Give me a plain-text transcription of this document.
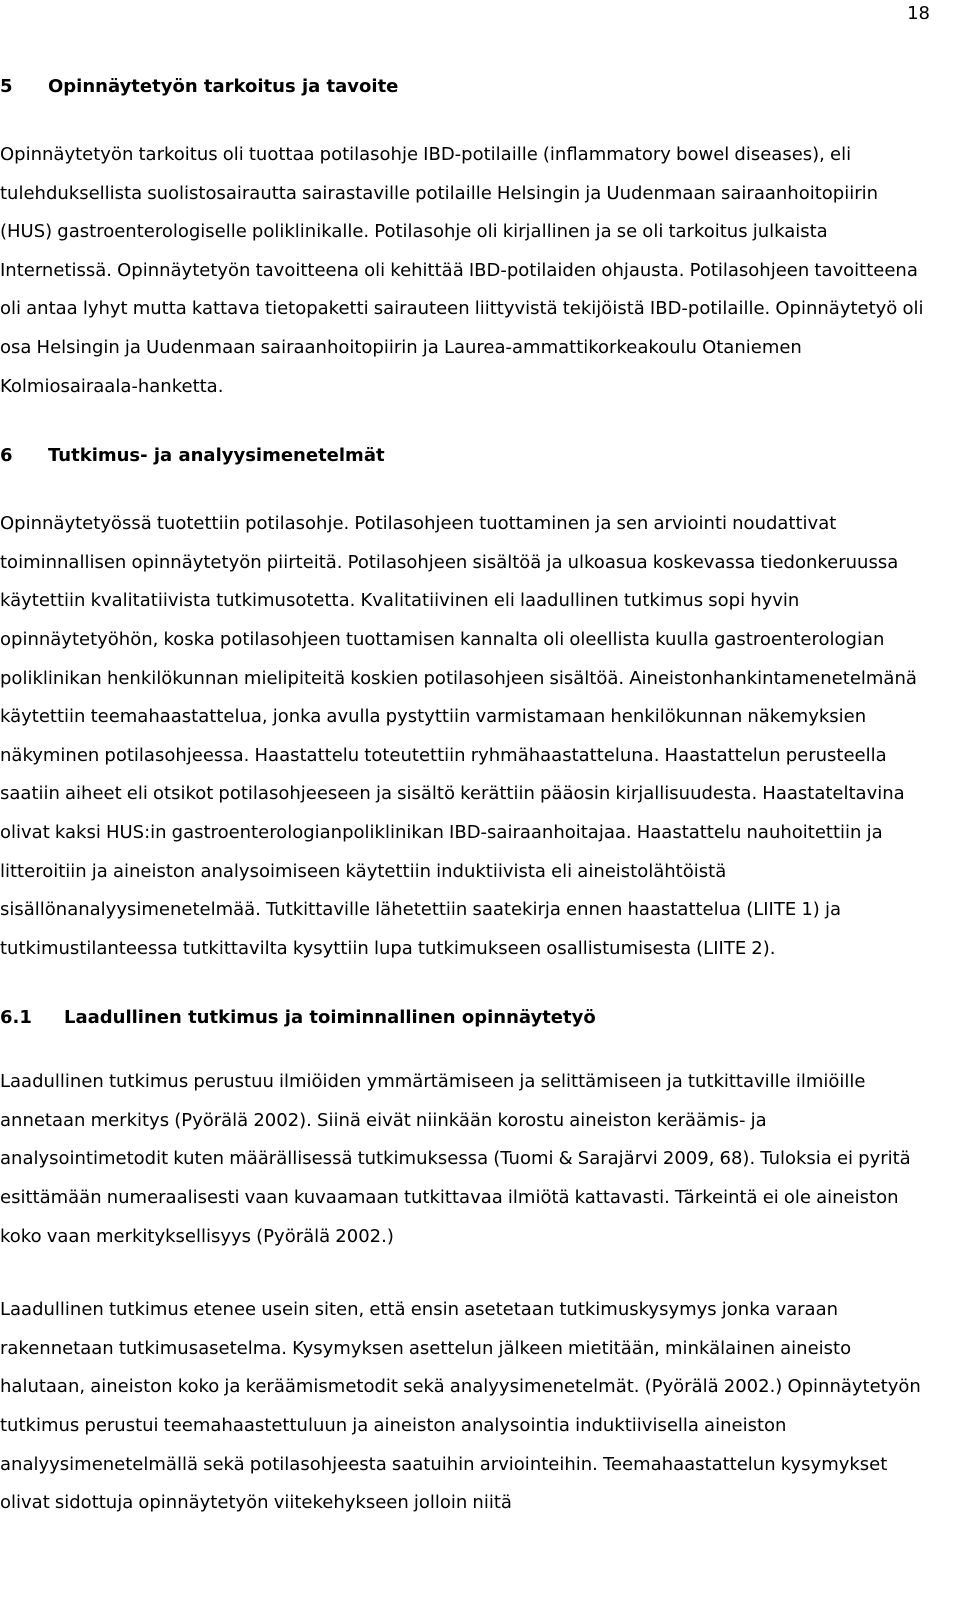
18
5	Opinnäytetyön tarkoitus ja tavoite

Opinnäytetyön tarkoitus oli tuottaa potilasohje IBD-potilaille (inflammatory bowel diseases), eli tulehduksellista suolistosairautta sairastaville potilaille Helsingin ja Uudenmaan sairaanhoitopiirin (HUS) gastroenterologiselle poliklinikalle. Potilasohje oli kirjallinen ja se oli tarkoitus julkaista Internetissä. Opinnäytetyön tavoitteena oli kehittää IBD-potilaiden ohjausta. Potilasohjeen tavoitteena oli antaa lyhyt mutta kattava tietopaketti sairauteen liittyvistä tekijöistä IBD-potilaille. Opinnäytetyö oli osa Helsingin ja Uudenmaan sairaanhoitopiirin ja Laurea-ammattikorkeakoulu Otaniemen Kolmiosairaala-hanketta.

6	Tutkimus- ja analyysimenetelmät

Opinnäytetyössä tuotettiin potilasohje. Potilasohjeen tuottaminen ja sen arviointi noudattivat toiminnallisen opinnäytetyön piirteitä. Potilasohjeen sisältöä ja ulkoasua koskevassa tiedonkeruussa käytettiin kvalitatiivista tutkimusotetta. Kvalitatiivinen eli laadullinen tutkimus sopi hyvin opinnäytetyöhön, koska potilasohjeen tuottamisen kannalta oli oleellista kuulla gastroenterologian poliklinikan henkilökunnan mielipiteitä koskien potilasohjeen sisältöä. Aineistonhankintamenetelmänä käytettiin teemahaastattelua, jonka avulla pystyttiin varmistamaan henkilökunnan näkemyksien näkyminen potilasohjeessa. Haastattelu toteutettiin ryhmähaastatteluna. Haastattelun perusteella saatiin aiheet eli otsikot potilasohjeeseen ja sisältö kerättiin pääosin kirjallisuudesta. Haastateltavina olivat kaksi HUS:in gastroenterologianpoliklinikan IBD-sairaanhoitajaa. Haastattelu nauhoitettiin ja litteroitiin ja aineiston analysoimiseen käytettiin induktiivista eli aineistolähtöistä sisällönanalyysimenetelmää. Tutkittaville lähetettiin saatekirja ennen haastattelua (LIITE 1) ja tutkimustilanteessa tutkittavilta kysyttiin lupa tutkimukseen osallistumisesta (LIITE 2).

6.1	Laadullinen tutkimus ja toiminnallinen opinnäytetyö

Laadullinen tutkimus perustuu ilmiöiden ymmärtämiseen ja selittämiseen ja tutkittaville ilmiöille annetaan merkitys (Pyörälä 2002). Siinä eivät niinkään korostu aineiston keräämis- ja analysointimetodit kuten määrällisessä tutkimuksessa (Tuomi & Sarajärvi 2009, 68). Tuloksia ei pyritä esittämään numeraalisesti vaan kuvaamaan tutkittavaa ilmiötä kattavasti. Tärkeintä ei ole aineiston koko vaan merkityksellisyys (Pyörälä 2002.)

Laadullinen tutkimus etenee usein siten, että ensin asetetaan tutkimuskysymys jonka varaan rakennetaan tutkimusasetelma. Kysymyksen asettelun jälkeen mietitään, minkälainen aineisto halutaan, aineiston koko ja keräämismetodit sekä analyysimenetelmät. (Pyörälä 2002.) Opinnäytetyön tutkimus perustui teemahaastettuluun ja aineiston analysointia induktiivisella aineiston analyysimenetelmällä sekä potilasohjeesta saatuihin arviointeihin. Teemahaastattelun kysymykset olivat sidottuja opinnäytetyön viitekehykseen jolloin niitä
